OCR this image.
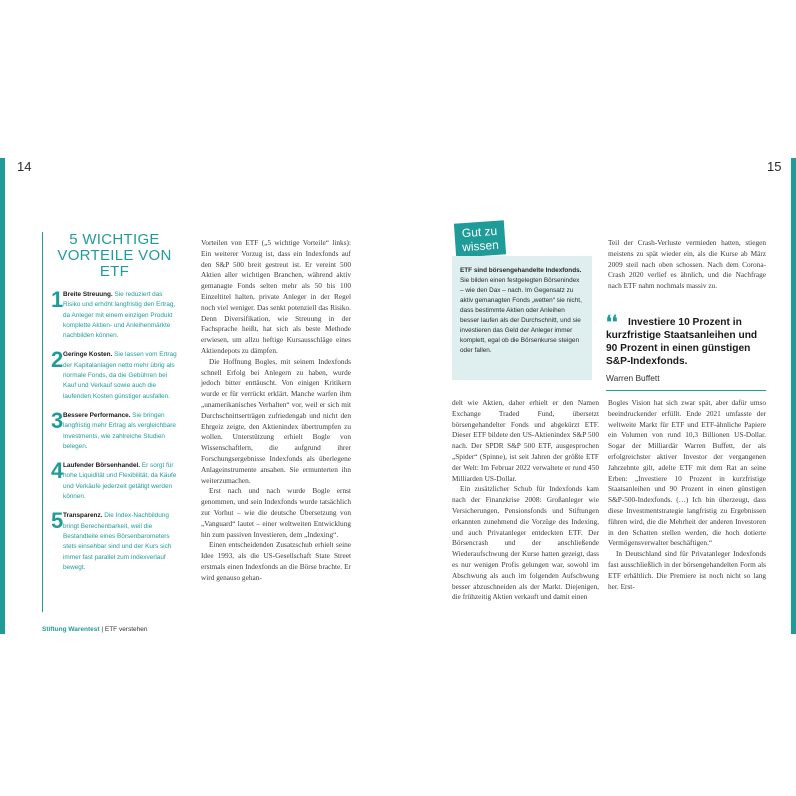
14
5 WICHTIGE VORTEILE VON ETF
1 Breite Streuung. Sie reduziert das Risiko und erhöht langfristig den Ertrag, da Anleger mit einem einzigen Produkt komplette Aktien- und Anleihenmärkte nachbilden können.
2 Geringe Kosten. Sie lassen vom Ertrag der Kapitalanlagen netto mehr übrig als normale Fonds, da die Gebühren bei Kauf und Verkauf sowie auch die laufenden Kosten günstiger ausfallen.
3 Bessere Performance. Sie bringen langfristig mehr Ertrag als vergleichbare Investments, wie zahlreiche Studien belegen.
4 Laufender Börsenhandel. Er sorgt für hohe Liquidität und Flexibilität, da Käufe und Verkäufe jederzeit getätigt werden können.
5 Transparenz. Die Index-Nachbildung bringt Berechenbarkeit, weil die Bestandteile eines Börsenbarometers stets einsehbar sind und der Kurs sich immer fast parallel zum Indexverlauf bewegt.

Vorteilen von ETF („5 wichtige Vorteile“ links): Ein weiterer Vorzug ist, dass ein Indexfonds auf den S&P 500 breit gestreut ist. Er vereint 500 Aktien aller wichtigen Branchen, während aktiv gemanagte Fonds selten mehr als 50 bis 100 Einzeltitel halten, private Anleger in der Regel noch viel weniger. Das senkt potenziell das Risiko. Denn Diversifikation, wie Streuung in der Fachsprache heißt, hat sich als beste Methode erwiesen, um allzu heftige Kursausschläge eines Aktiendepots zu dämpfen.

Die Hoffnung Bogles, mit seinem Indexfonds schnell Erfolg bei Anlegern zu haben, wurde jedoch bitter enttäuscht. Von einigen Kritikern wurde er für verrückt erklärt. Manche warfen ihm „unamerikanisches Verhalten“ vor, weil er sich mit Durchschnittserträgen zufriedengab und nicht den Ehrgeiz zeigte, den Aktienindex übertrumpfen zu wollen. Unterstützung erhielt Bogle von Wissenschaftlern, die aufgrund ihrer Forschungsergebnisse Indexfonds als überlegene Anlageinstrumente ansahen. Sie ermunterten ihn weiterzumachen.

Erst nach und nach wurde Bogle ernst genommen, und sein Indexfonds wurde tatsächlich zur Vorhut – wie die deutsche Übersetzung von „Vanguard“ lautet – einer weltweiten Entwicklung hin zum passiven Investieren, dem „Indexing“.

Einen entscheidenden Zusatzschub erhielt seine Idee 1993, als die US-Gesellschaft State Street erstmals einen Indexfonds an die Börse brachte. Er wird genauso gehan-

Stiftung Warentest | ETF verstehen
15
Gut zu wissen
ETF sind börsengehandelte Indexfonds. Sie bilden einen festgelegten Börsenindex – wie den Dax – nach. Im Gegensatz zu aktiv gemanagten Fonds „wetten“ sie nicht, dass bestimmte Aktien oder Anleihen besser laufen als der Durchschnitt, und sie investieren das Geld der Anleger immer komplett, egal ob die Börsenkurse steigen oder fallen.

delt wie Aktien, daher erhielt er den Namen Exchange Traded Fund, übersetzt börsengehandelter Fonds und abgekürzt ETF. Dieser ETF bildete den US-Aktienindex S&P 500 nach. Der SPDR S&P 500 ETF, ausgesprochen „Spider“ (Spinne), ist seit Jahren der größte ETF der Welt: Im Februar 2022 verwaltete er rund 450 Milliarden US-Dollar.

Ein zusätzlicher Schub für Indexfonds kam nach der Finanzkrise 2008: Großanleger wie Versicherungen, Pensionsfonds und Stiftungen erkannten zunehmend die Vorzüge des Indexing, und auch Privatanleger entdeckten ETF. Der Börsencrash und der anschließende Wiederaufschwung der Kurse hatten gezeigt, dass es nur wenigen Profis gelungen war, sowohl im Abschwung als auch im folgenden Aufschwung besser abzuschneiden als der Markt. Diejenigen, die frühzeitig Aktien verkauft und damit einen

Teil der Crash-Verluste vermieden hatten, stiegen meistens zu spät wieder ein, als die Kurse ab März 2009 steil nach oben schossen. Nach dem Corona-Crash 2020 verlief es ähnlich, und die Nachfrage nach ETF nahm nochmals massiv zu.

❛❛	Investiere 10 Prozent in kurzfristige Staatsanleihen und 90 Prozent in einen günstigen S&P-Indexfonds.
Warren Buffett

Bogles Vision hat sich zwar spät, aber dafür umso beeindruckender erfüllt. Ende 2021 umfasste der weltweite Markt für ETF und ETF-ähnliche Papiere ein Volumen von rund 10,3 Billionen US-Dollar. Sogar der Milliardär Warren Buffett, der als erfolgreichster aktiver Investor der vergangenen Jahrzehnte gilt, adelte ETF mit dem Rat an seine Erben: „Investiere 10 Prozent in kurzfristige Staatsanleihen und 90 Prozent in einen günstigen S&P-500-Indexfonds. (…) Ich bin überzeugt, dass diese Investmentstrategie langfristig zu Ergebnissen führen wird, die die Mehrheit der anderen Investoren in den Schatten stellen werden, die hoch dotierte Vermögensverwalter beschäftigen.“

In Deutschland sind für Privatanleger Indexfonds fast ausschließlich in der börsengehandelten Form als ETF erhältlich. Die Premiere ist noch nicht so lang her. Erst-
